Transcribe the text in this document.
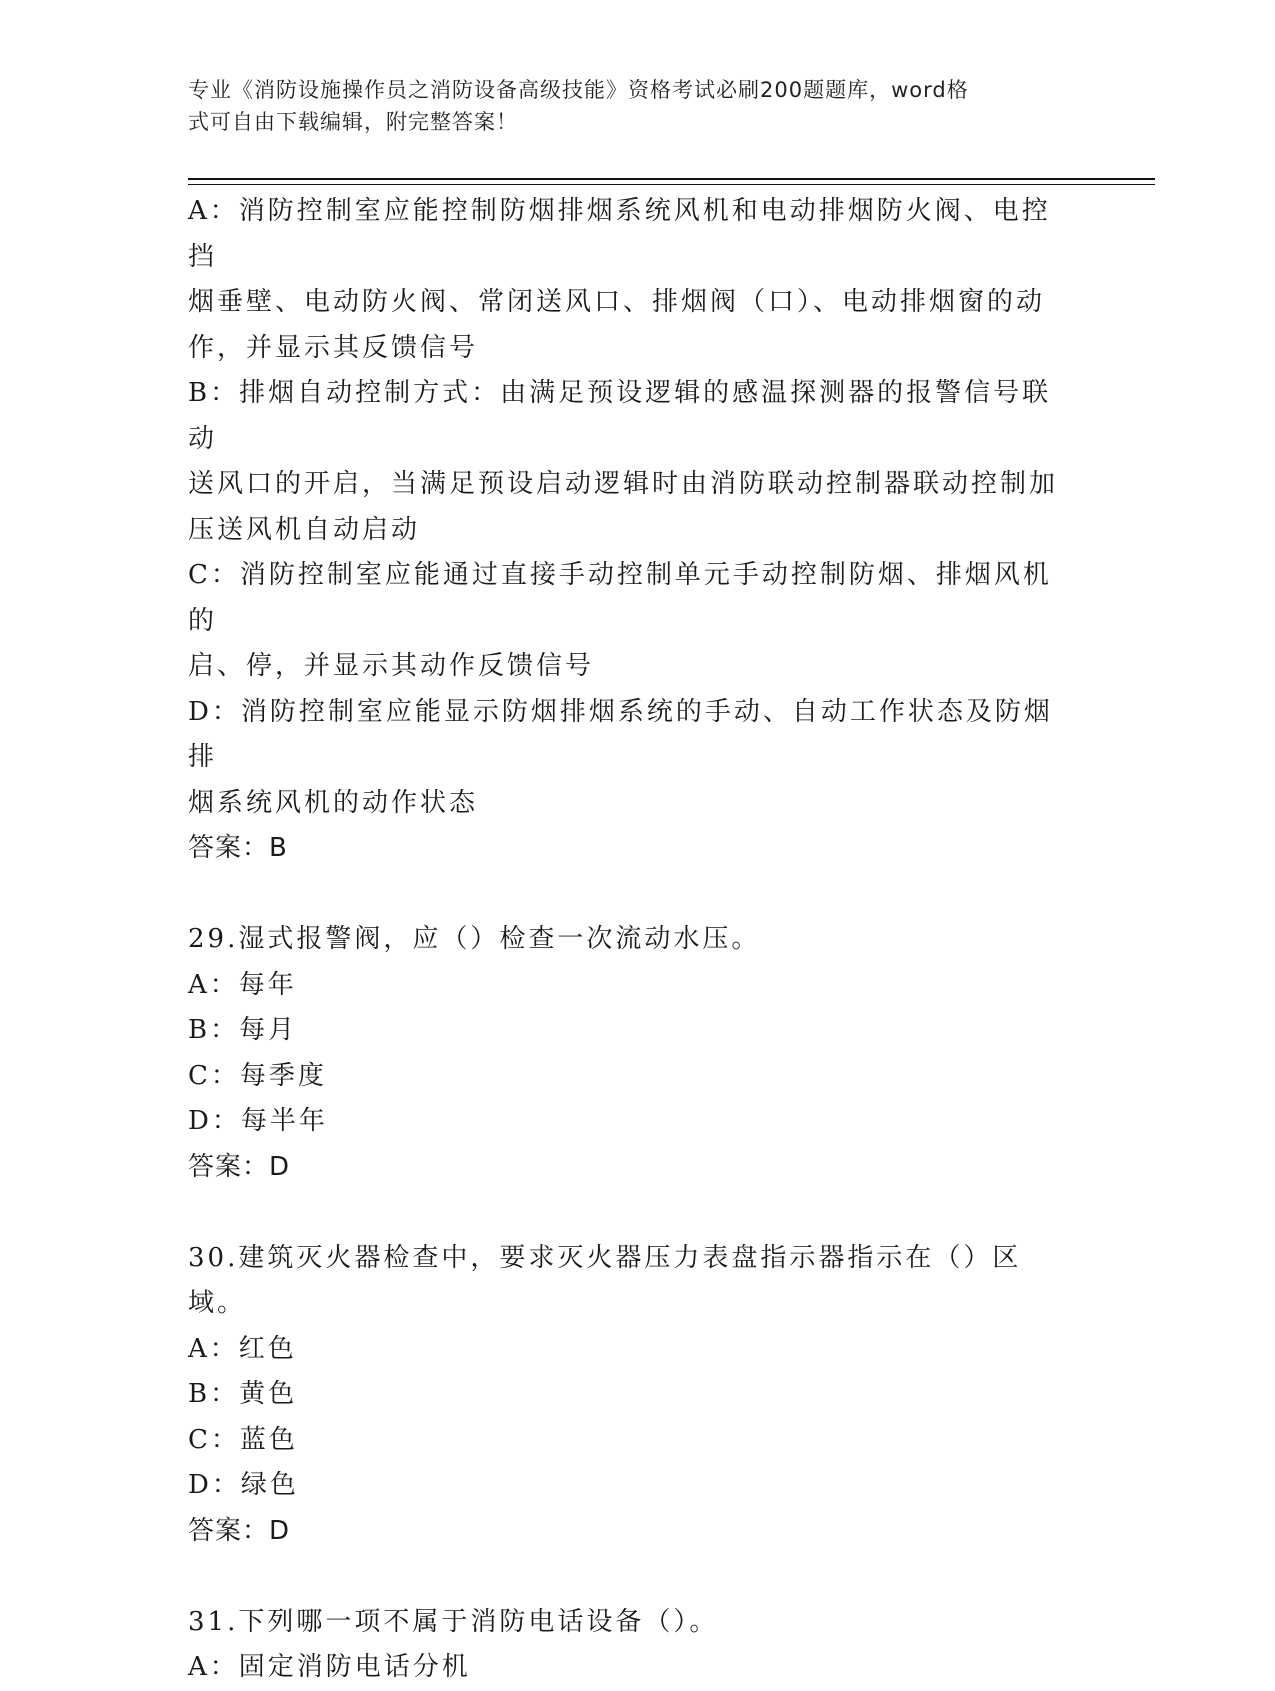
专业《消防设施操作员之消防设备高级技能》资格考试必刷200题题库，word格
式可自由下载编辑，附完整答案！
A：消防控制室应能控制防烟排烟系统风机和电动排烟防火阀、电控挡
烟垂壁、电动防火阀、常闭送风口、排烟阀（口）、电动排烟窗的动
作，并显示其反馈信号
B：排烟自动控制方式：由满足预设逻辑的感温探测器的报警信号联动
送风口的开启，当满足预设启动逻辑时由消防联动控制器联动控制加
压送风机自动启动
C：消防控制室应能通过直接手动控制单元手动控制防烟、排烟风机的
启、停，并显示其动作反馈信号
D：消防控制室应能显示防烟排烟系统的手动、自动工作状态及防烟排
烟系统风机的动作状态
答案：B
29.湿式报警阀，应（）检查一次流动水压。
A：每年
B：每月
C：每季度
D：每半年
答案：D
30.建筑灭火器检查中，要求灭火器压力表盘指示器指示在（）区域。
A：红色
B：黄色
C：蓝色
D：绿色
答案：D
31.下列哪一项不属于消防电话设备（）。
A：固定消防电话分机
